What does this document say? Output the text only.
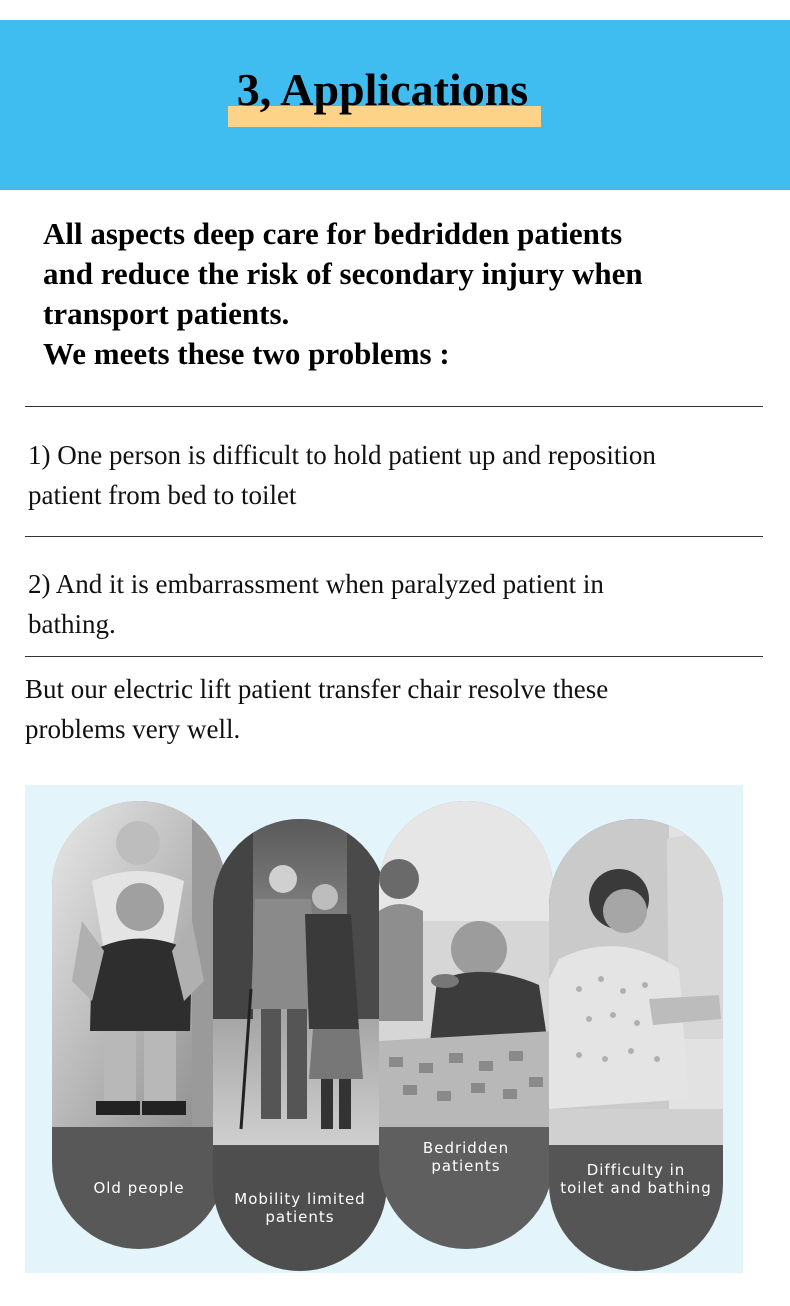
3, Applications
All aspects deep care for bedridden patients
and reduce the risk of secondary injury when
transport patients.
We meets these two problems :
1) One person is difficult to hold patient up and reposition
patient from bed to toilet
2) And it is embarrassment when paralyzed patient in
bathing.
But our electric lift patient transfer chair resolve these
problems very well.
Old people
Mobility limited
patients
Bedridden
patients	Difficulty in
toilet and bathing
